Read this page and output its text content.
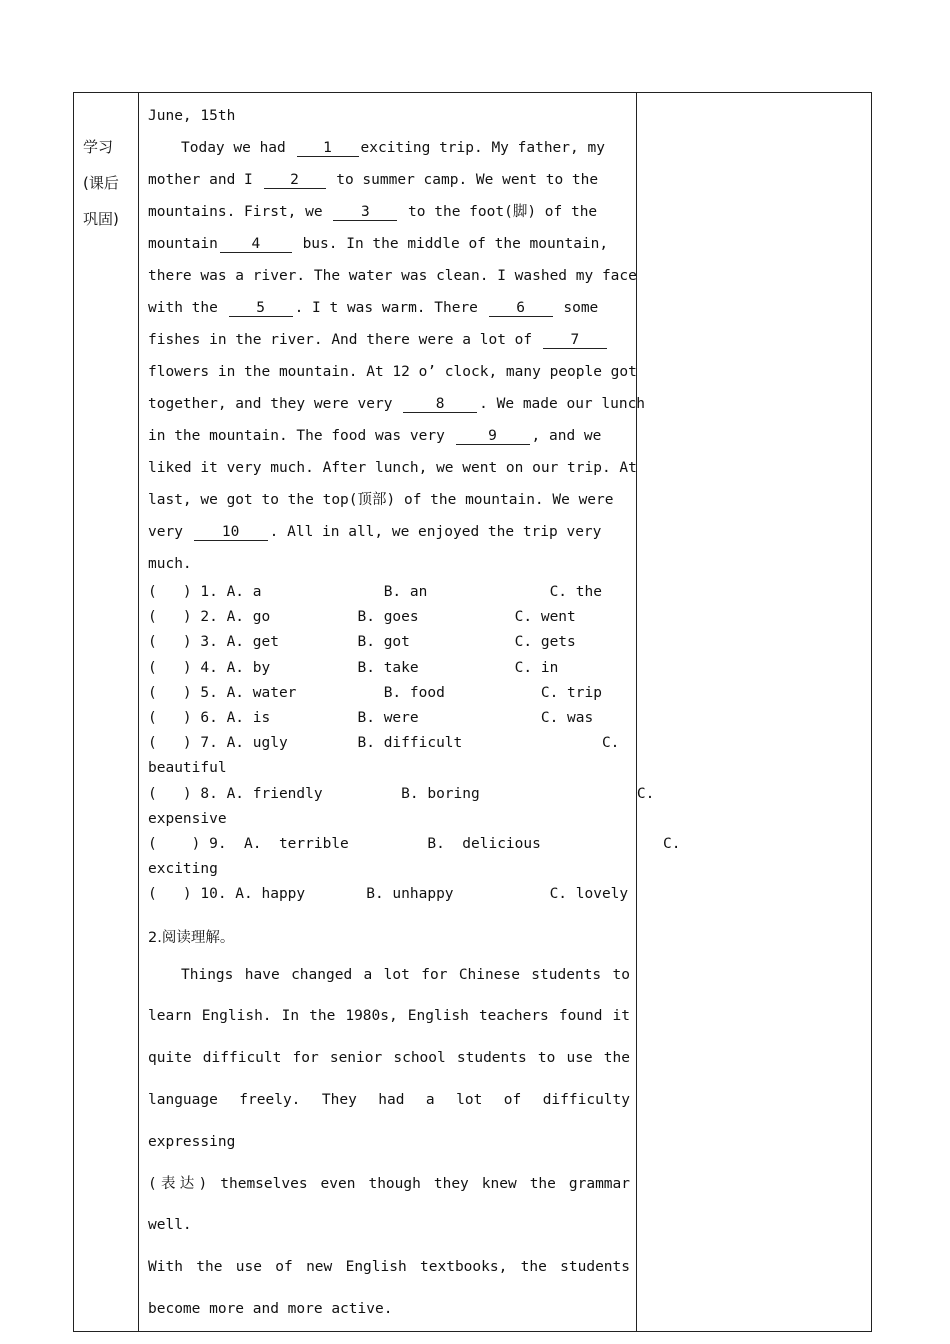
学习
(课后
巩固)

June, 15th
Today we had 1 exciting trip. My father, my
mother and I 2 to summer camp. We went to the
mountains. First, we 3 to the foot(脚) of the
mountain 4 bus. In the middle of the mountain,
there was a river. The water was clean. I washed my face
with the 5 . I t was warm. There 6 some
fishes in the river. And there were a lot of 7
flowers in the mountain. At 12 o’ clock, many people got
together, and they were very 8 . We made our lunch
in the mountain. The food was very 9 , and we
liked it very much. After lunch, we went on our trip. At
last, we got to the top(顶部) of the mountain. We were
very 10 . All in all, we enjoyed the trip very
much.
(   ) 1. A. a              B. an              C. the
(   ) 2. A. go          B. goes           C. went
(   ) 3. A. get         B. got            C. gets
(   ) 4. A. by          B. take           C. in
(   ) 5. A. water          B. food           C. trip
(   ) 6. A. is          B. were              C. was
(   ) 7. A. ugly        B. difficult                C.
beautiful
(   ) 8. A. friendly         B. boring                  C.
expensive
(    ) 9.  A.  terrible         B.  delicious              C.
exciting
(   ) 10. A. happy       B. unhappy           C. lovely
2.阅读理解。
Things have changed a lot for Chinese students to
learn English. In the 1980s, English teachers found it
quite difficult for senior school students to use the
language freely. They had a lot of difficulty expressing
(表达) themselves even though they knew the grammar well.
With the use of new English textbooks, the students
become more and more active.
